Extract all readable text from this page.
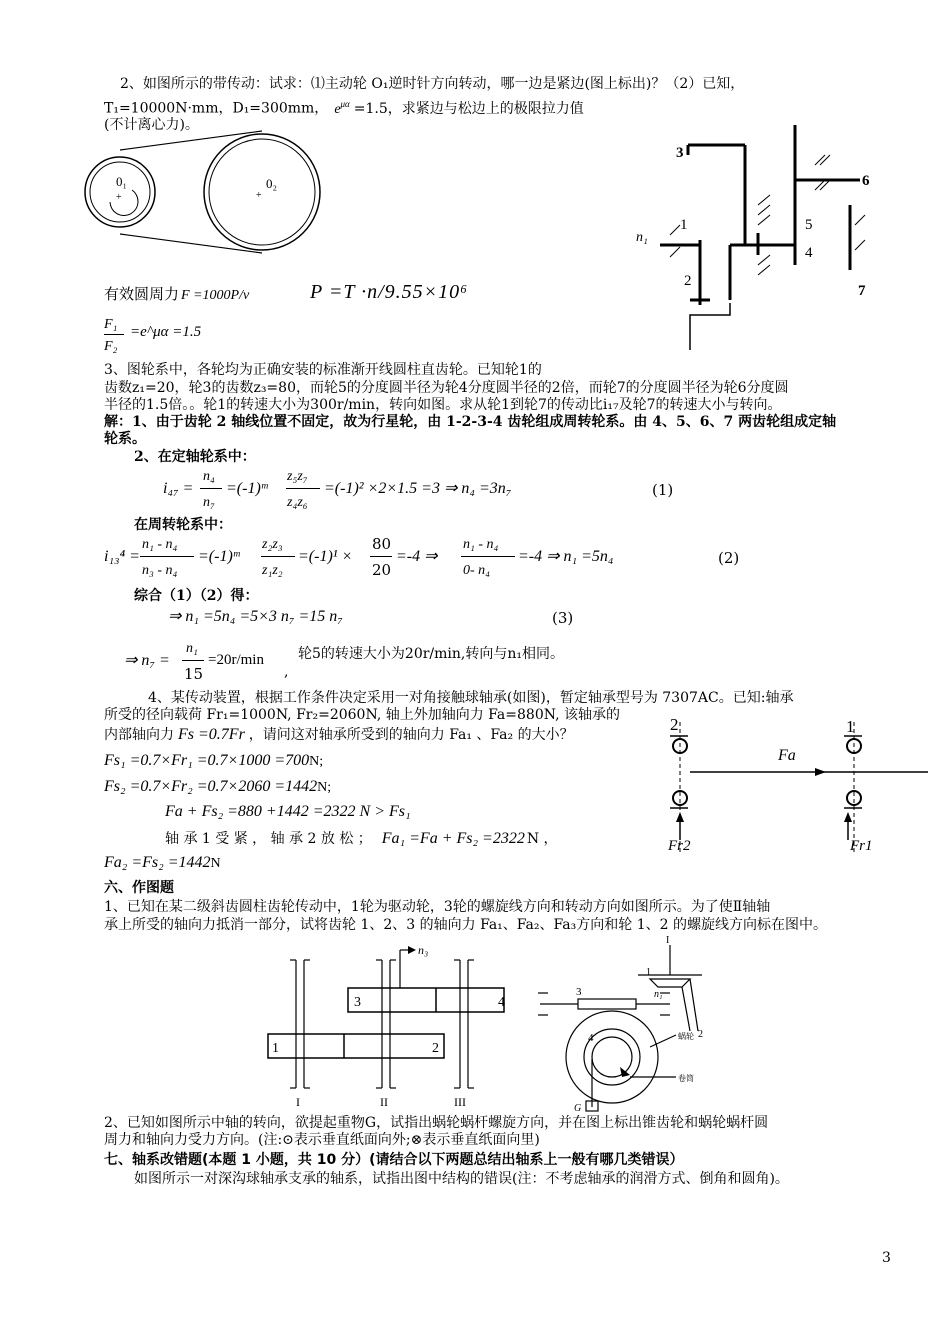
2、如图所示的带传动：试求：⑴主动轮 O₁逆时针方向转动，哪一边是紧边(图上标出)？（2）已知，
T₁=10000N·mm，D₁=300mm， $e^{\mu\alpha} =1.5$，求紧边与松边上的极限拉力值
(不计离心力)。
0₁	0₂
+	+
有效圆周力 F =1000P/v	P =T ·n/9.55×10⁶
F₁
F₂
=e^μα =1.5
3
6
1	5
n₁
4
2
7
3、图轮系中，各轮均为正确安装的标准渐开线圆柱直齿轮。已知轮1的
齿数z₁=20，轮3的齿数z₃=80，而轮5的分度圆半径为轮4分度圆半径的2倍，而轮7的分度圆半径为轮6分度圆
半径的1.5倍。。轮1的转速大小为300r/min，转向如图。求从轮1到轮7的传动比i₁₇及轮7的转速大小与转向。
解：1、由于齿轮 2 轴线位置不固定，故为行星轮，由 1-2-3-4 齿轮组成周转轮系。由 4、5、6、7 两齿轮组成定轴
轮系。
2、在定轴轮系中：
i₄₇ =
n₄
n₇
=(-1)ᵐ
z₅z₇
z₄z₆
=(-1)² ×2×1.5 =3 ⇒ n₄ =3n₇	(1)
在周转轮系中：
i₁₃⁴ =
n₁ - n₄
n₃ - n₄
=(-1)ᵐ
z₂z₃
z₁z₂
=(-1)¹ ×
80
20
=-4 ⇒
n₁ - n₄
0- n₄
=-4 ⇒ n₁ =5n₄	(2)
综合（1）（2）得：
⇒ n₁ =5n₄ =5×3 n₇ =15 n₇	(3)
⇒ n₇ =
n₁
15
=20r/min
,
轮5的转速大小为20r/min,转向与n₁相同。
4、某传动装置，根据工作条件决定采用一对角接触球轴承(如图)，暂定轴承型号为 7307AC。已知:轴承
所受的径向载荷 Fr₁=1000N, Fr₂=2060N, 轴上外加轴向力 Fa=880N, 该轴承的
内部轴向力 Fs =0.7Fr ，请问这对轴承所受到的轴向力 Fa₁ 、Fa₂ 的大小？
Fs₁ =0.7×Fr₁ =0.7×1000 =700N;
Fs₂ =0.7×Fr₂ =0.7×2060 =1442N;
Fa + Fs₂ =880 +1442 =2322 N > Fs₁
轴 承 1 受 紧 ， 轴 承 2 放 松 ； Fa₁ =Fa + Fs₂ =2322 N ，
Fa₂ =Fs₂ =1442N
2	1
Fa
Fr2	Fr1
六、作图题
1、已知在某二级斜齿圆柱齿轮传动中，1轮为驱动轮，3轮的螺旋线方向和转动方向如图所示。为了使Ⅱ轴轴
承上所受的轴向力抵消一部分，试将齿轮 1、2、3 的轴向力 Fa₁、Fa₂、Fa₃方向和轮 1、2 的螺旋线方向标在图中。
n₃
3	4
1	2
I	II	III
I
1
n₁
2
3
4	蜗轮
卷筒
G
2、已知如图所示中轴的转向，欲提起重物G，试指出蜗轮蜗杆螺旋方向，并在图上标出锥齿轮和蜗轮蜗杆圆
周力和轴向力受力方向。(注:⊙表示垂直纸面向外;⊗表示垂直纸面向里)
七、轴系改错题(本题 1 小题，共 10 分）(请结合以下两题总结出轴系上一般有哪几类错误）
如图所示一对深沟球轴承支承的轴系，试指出图中结构的错误(注：不考虑轴承的润滑方式、倒角和圆角)。
3
